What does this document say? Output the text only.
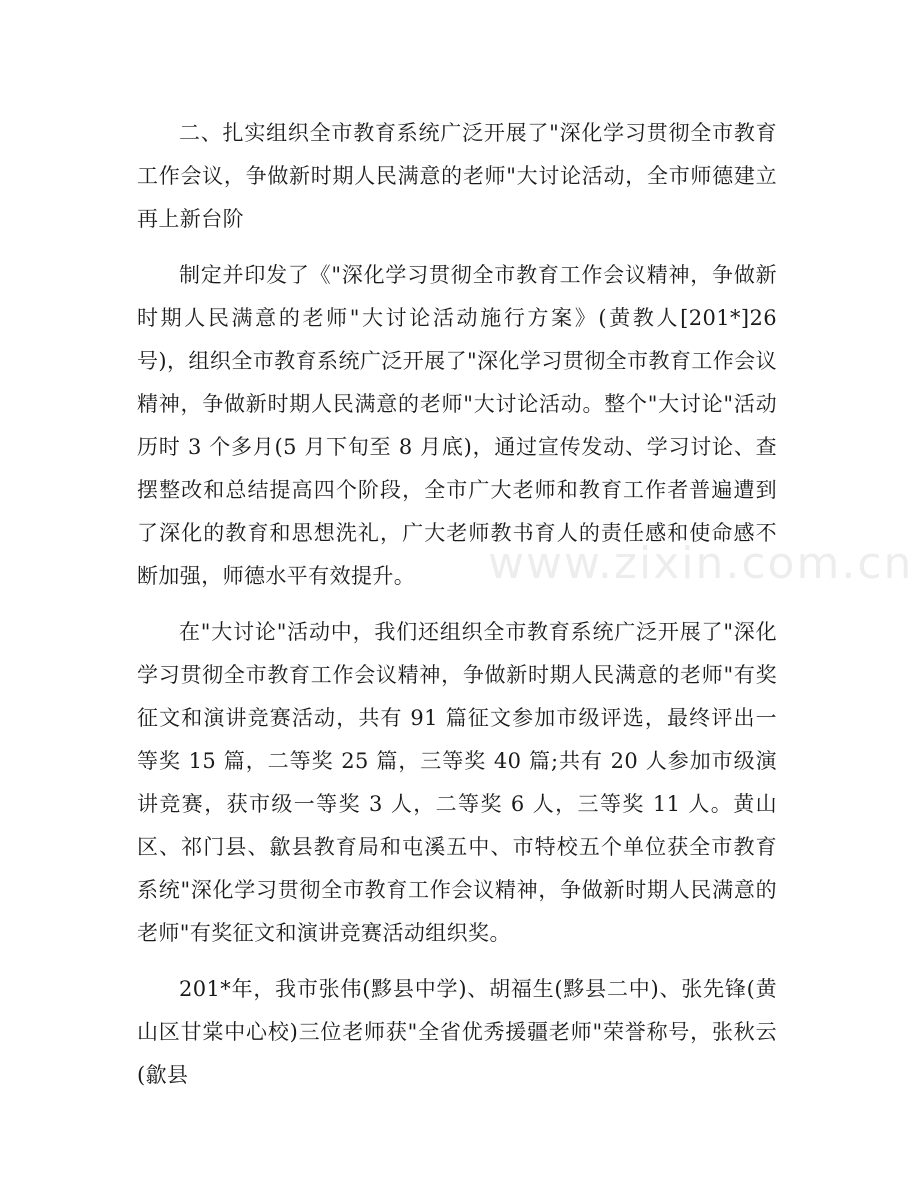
二、扎实组织全市教育系统广泛开展了"深化学习贯彻全市教育工作会议，争做新时期人民满意的老师"大讨论活动，全市师德建立再上新台阶

制定并印发了《"深化学习贯彻全市教育工作会议精神，争做新时期人民满意的老师"大讨论活动施行方案》(黄教人[201*]26 号)，组织全市教育系统广泛开展了"深化学习贯彻全市教育工作会议精神，争做新时期人民满意的老师"大讨论活动。整个"大讨论"活动历时 3 个多月(5 月下旬至 8 月底)，通过宣传发动、学习讨论、查摆整改和总结提高四个阶段，全市广大老师和教育工作者普遍遭到了深化的教育和思想洗礼，广大老师教书育人的责任感和使命感不断加强，师德水平有效提升。

在"大讨论"活动中，我们还组织全市教育系统广泛开展了"深化学习贯彻全市教育工作会议精神，争做新时期人民满意的老师"有奖征文和演讲竞赛活动，共有 91 篇征文参加市级评选，最终评出一等奖 15 篇，二等奖 25 篇，三等奖 40 篇;共有 20 人参加市级演讲竞赛，获市级一等奖 3 人，二等奖 6 人，三等奖 11 人。黄山区、祁门县、歙县教育局和屯溪五中、市特校五个单位获全市教育系统"深化学习贯彻全市教育工作会议精神，争做新时期人民满意的老师"有奖征文和演讲竞赛活动组织奖。

201*年，我市张伟(黟县中学)、胡福生(黟县二中)、张先锋(黄山区甘棠中心校)三位老师获"全省优秀援疆老师"荣誉称号，张秋云(歙县

www.zixin.com.cn
